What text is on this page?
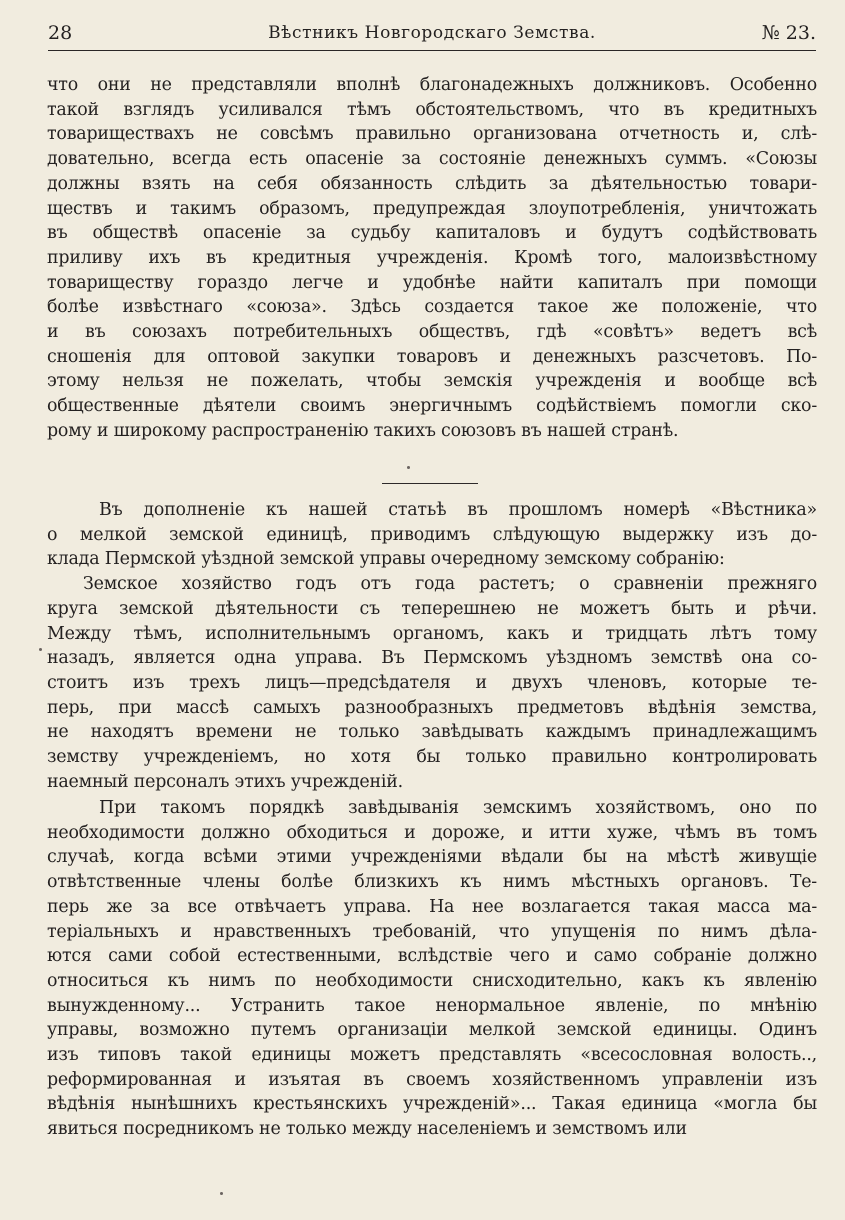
28	Вѣстникъ Новгородскаго Земства.	№ 23.
что они не представляли вполнѣ благонадежныхъ должниковъ. Особенно
такой взглядъ усиливался тѣмъ обстоятельствомъ, что въ кредитныхъ
товариществахъ не совсѣмъ правильно организована отчетность и, слѣ-
довательно, всегда есть опасеніе за состояніе денежныхъ суммъ. «Союзы
должны взять на себя обязанность слѣдить за дѣятельностью товари-
ществъ и такимъ образомъ, предупреждая злоупотребленія, уничтожать
въ обществѣ опасеніе за судьбу капиталовъ и будутъ содѣйствовать
приливу ихъ въ кредитныя учрежденія. Кромѣ того, малоизвѣстному
товариществу гораздо легче и удобнѣе найти капиталъ при помощи
болѣе извѣстнаго «союза». Здѣсь создается такое же положеніе, что
и въ союзахъ потребительныхъ обществъ, гдѣ «совѣтъ» ведетъ всѣ
сношенія для оптовой закупки товаровъ и денежныхъ разсчетовъ. По-
этому нельзя не пожелать, чтобы земскія учрежденія и вообще всѣ
общественные дѣятели своимъ энергичнымъ содѣйствіемъ помогли ско-
рому и широкому распространенію такихъ союзовъ въ нашей странѣ.
Въ дополненіе къ нашей статьѣ въ прошломъ номерѣ «Вѣстника»
о мелкой земской единицѣ, приводимъ слѣдующую выдержку изъ до-
клада Пермской уѣздной земской управы очередному земскому собранію:
Земское хозяйство годъ отъ года растетъ; о сравненіи прежняго
круга земской дѣятельности съ теперешнею не можетъ быть и рѣчи.
Между тѣмъ, исполнительнымъ органомъ, какъ и тридцать лѣтъ тому
назадъ, является одна управа. Въ Пермскомъ уѣздномъ земствѣ она со-
стоитъ изъ трехъ лицъ—предсѣдателя и двухъ членовъ, которые те-
перь, при массѣ самыхъ разнообразныхъ предметовъ вѣдѣнія земства,
не находятъ времени не только завѣдывать каждымъ принадлежащимъ
земству учрежденіемъ, но хотя бы только правильно контролировать
наемный персоналъ этихъ учрежденій.
При такомъ порядкѣ завѣдыванія земскимъ хозяйствомъ, оно по
необходимости должно обходиться и дороже, и итти хуже, чѣмъ въ томъ
случаѣ, когда всѣми этими учрежденіями вѣдали бы на мѣстѣ живущіе
отвѣтственные члены болѣе близкихъ къ нимъ мѣстныхъ органовъ. Те-
перь же за все отвѣчаетъ управа. На нее возлагается такая масса ма-
теріальныхъ и нравственныхъ требованій, что упущенія по нимъ дѣла-
ются сами собой естественными, вслѣдствіе чего и само собраніе должно
относиться къ нимъ по необходимости снисходительно, какъ къ явленію
вынужденному... Устранить такое ненормальное явленіе, по мнѣнію
управы, возможно путемъ организаціи мелкой земской единицы. Одинъ
изъ типовъ такой единицы можетъ представлять «всесословная волость..,
реформированная и изъятая въ своемъ хозяйственномъ управленіи изъ
вѣдѣнія нынѣшнихъ крестьянскихъ учрежденій»... Такая единица «могла бы
явиться посредникомъ не только между населеніемъ и земствомъ или
